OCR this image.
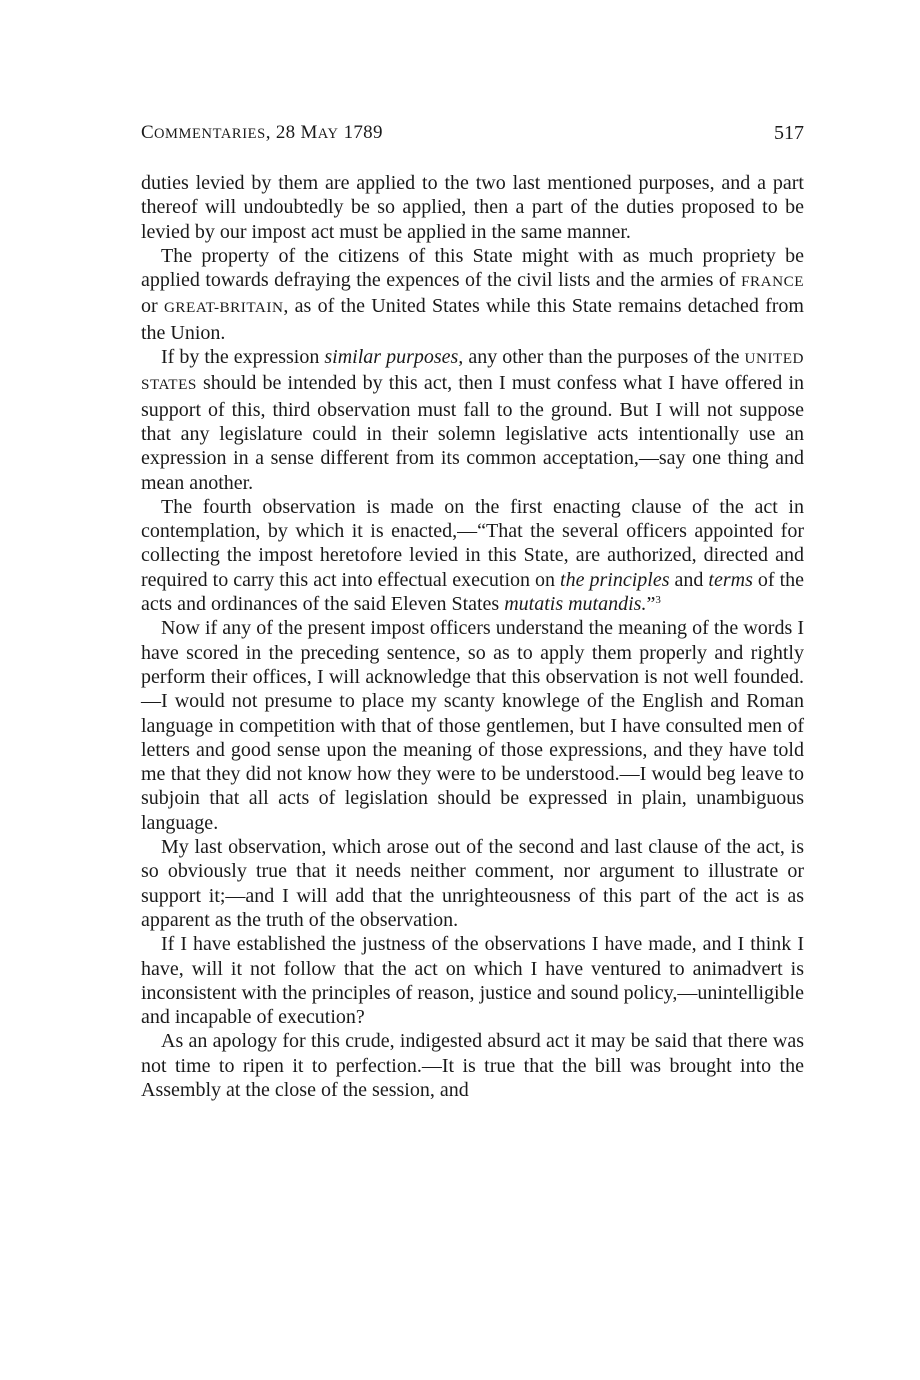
COMMENTARIES, 28 MAY 1789	517

duties levied by them are applied to the two last mentioned purposes, and a part thereof will undoubtedly be so applied, then a part of the duties proposed to be levied by our impost act must be applied in the same manner.

The property of the citizens of this State might with as much propriety be applied towards defraying the expences of the civil lists and the armies of FRANCE or GREAT-BRITAIN, as of the United States while this State remains detached from the Union.

If by the expression similar purposes, any other than the purposes of the UNITED STATES should be intended by this act, then I must confess what I have offered in support of this, third observation must fall to the ground. But I will not suppose that any legislature could in their solemn legislative acts intentionally use an expression in a sense different from its common acceptation,—say one thing and mean another.

The fourth observation is made on the first enacting clause of the act in contemplation, by which it is enacted,—“That the several officers appointed for collecting the impost heretofore levied in this State, are authorized, directed and required to carry this act into effectual execution on the principles and terms of the acts and ordinances of the said Eleven States mutatis mutandis.”$^3$

Now if any of the present impost officers understand the meaning of the words I have scored in the preceding sentence, so as to apply them properly and rightly perform their offices, I will acknowledge that this observation is not well founded.—I would not presume to place my scanty knowlege of the English and Roman language in competition with that of those gentlemen, but I have consulted men of letters and good sense upon the meaning of those expressions, and they have told me that they did not know how they were to be understood.—I would beg leave to subjoin that all acts of legislation should be expressed in plain, unambiguous language.

My last observation, which arose out of the second and last clause of the act, is so obviously true that it needs neither comment, nor argument to illustrate or support it;—and I will add that the unrighteousness of this part of the act is as apparent as the truth of the observation.

If I have established the justness of the observations I have made, and I think I have, will it not follow that the act on which I have ventured to animadvert is inconsistent with the principles of reason, justice and sound policy,—unintelligible and incapable of execution?

As an apology for this crude, indigested absurd act it may be said that there was not time to ripen it to perfection.—It is true that the bill was brought into the Assembly at the close of the session, and
